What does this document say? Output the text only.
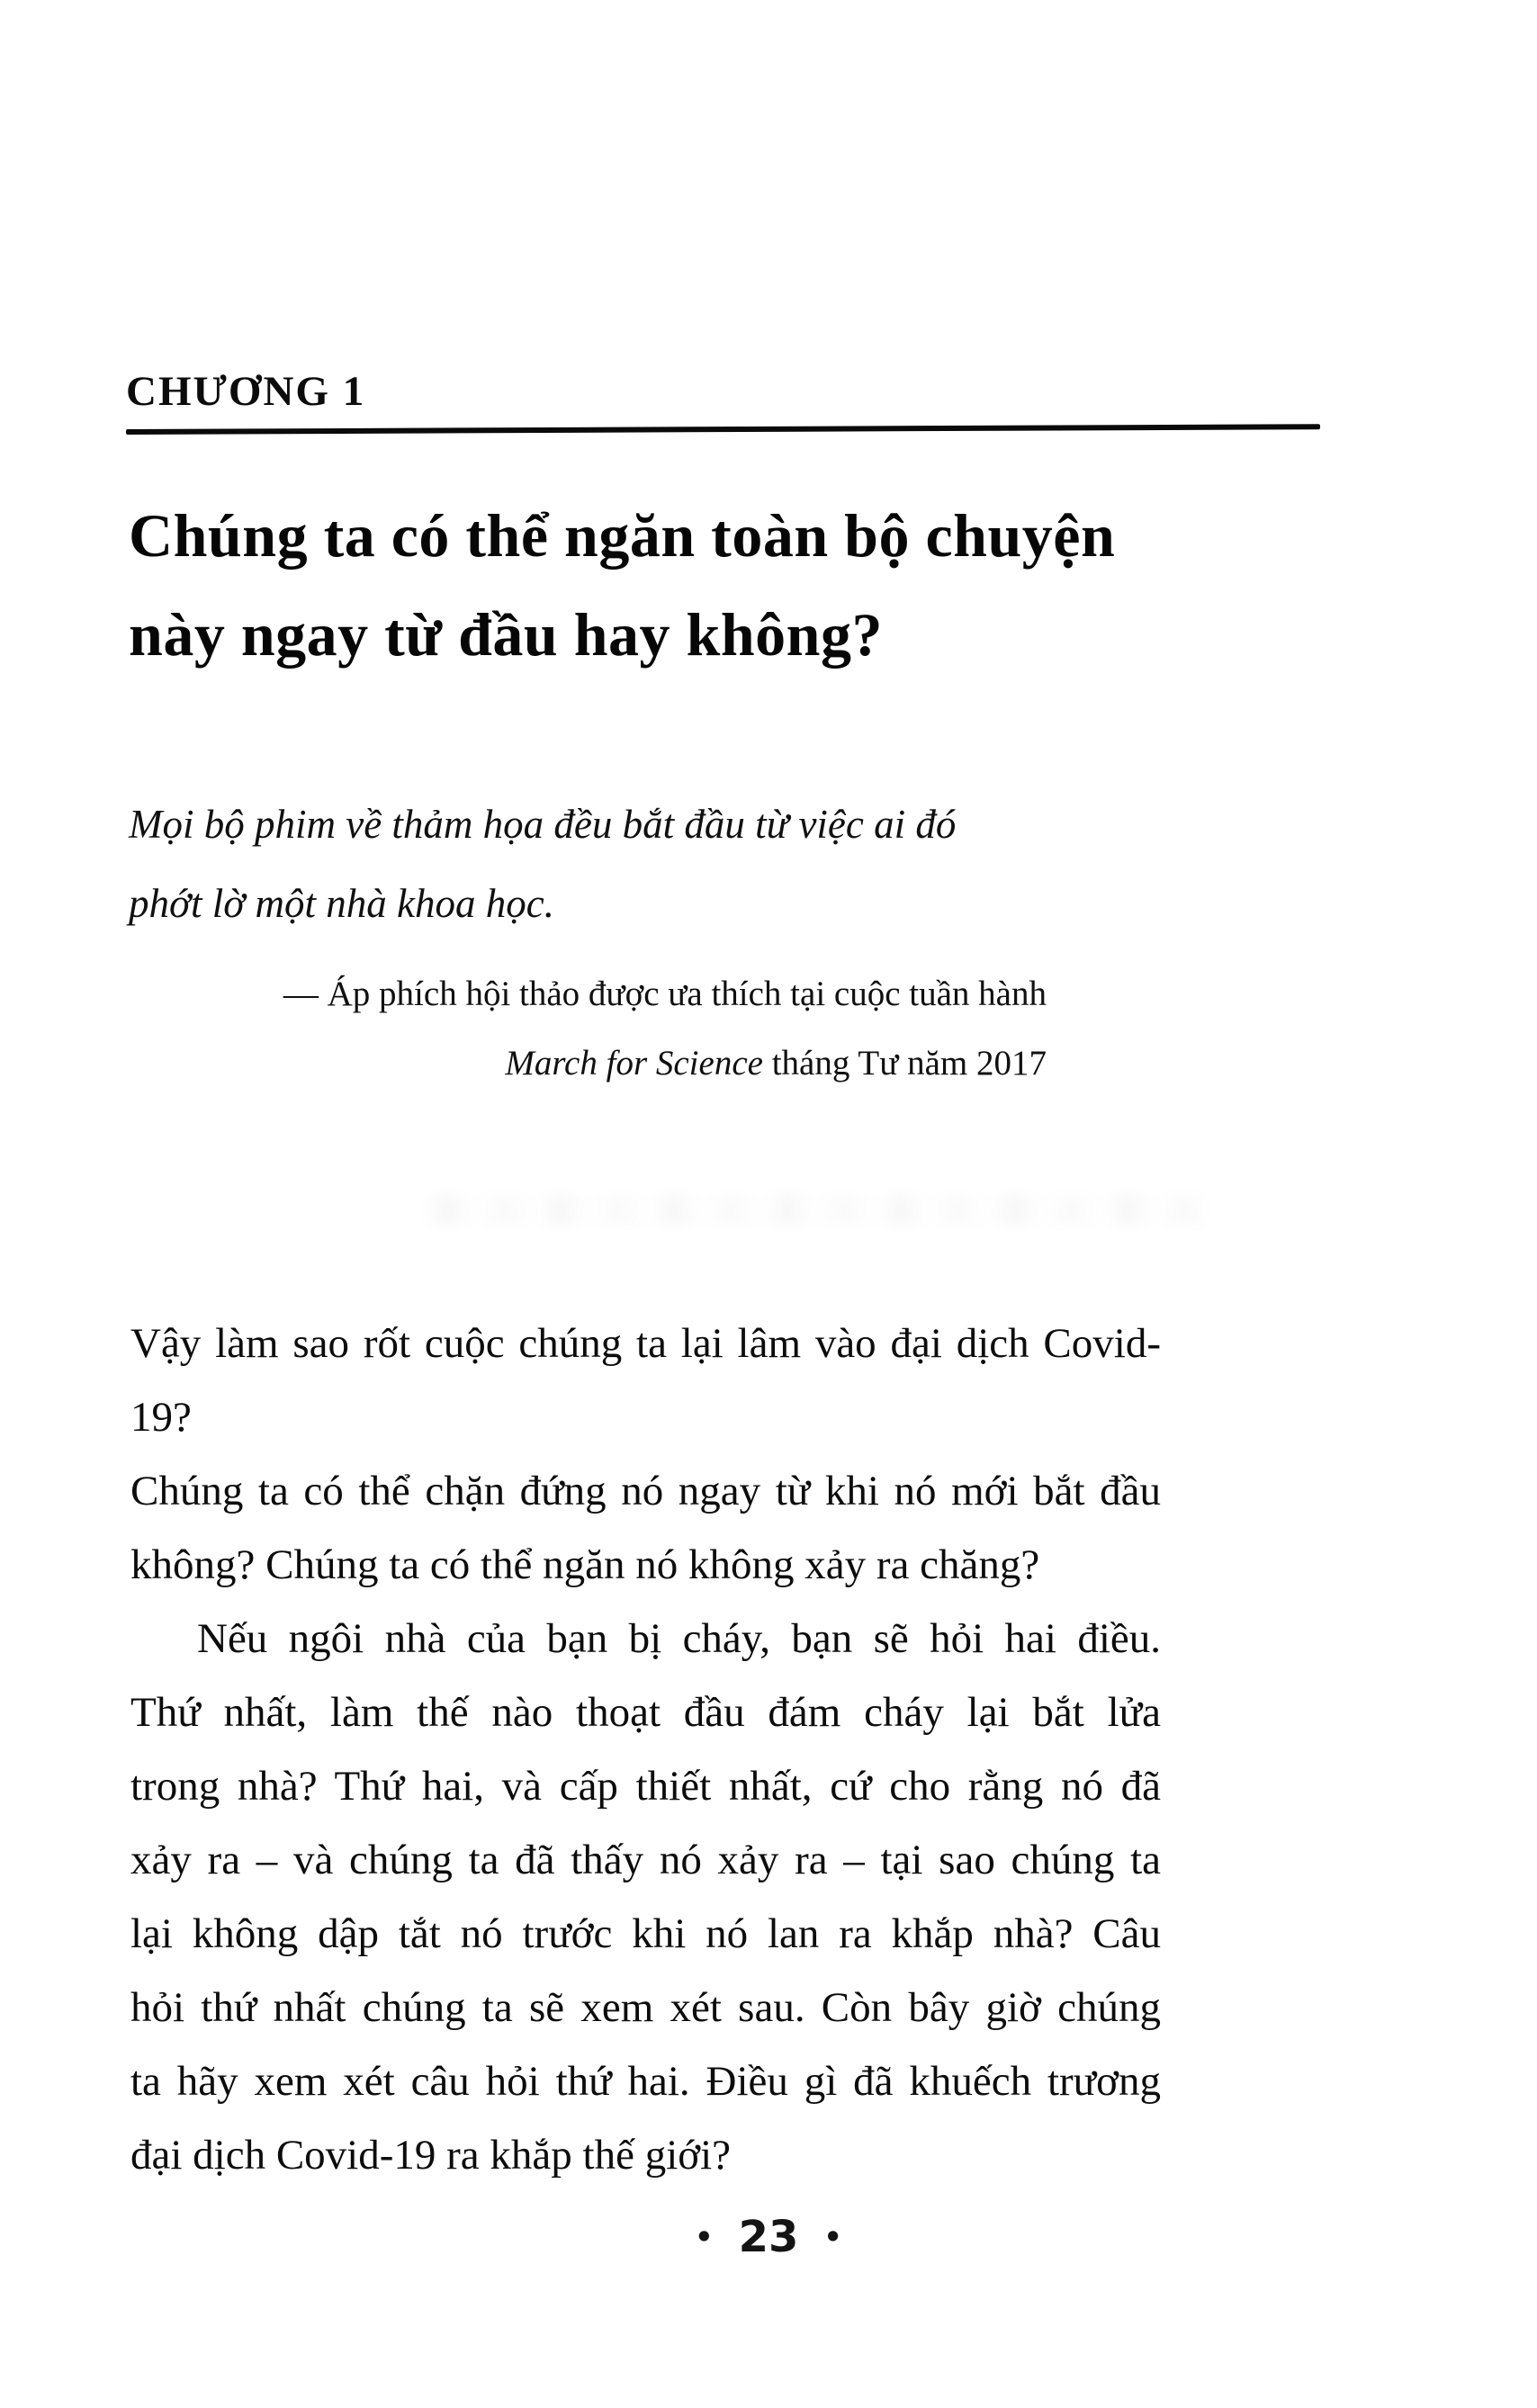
CHƯƠNG 1
Chúng ta có thể ngăn toàn bộ chuyện
này ngay từ đầu hay không?
Mọi bộ phim về thảm họa đều bắt đầu từ việc ai đó
phớt lờ một nhà khoa học.
— Áp phích hội thảo được ưa thích tại cuộc tuần hành
March for Science tháng Tư năm 2017
Vậy làm sao rốt cuộc chúng ta lại lâm vào đại dịch Covid-19?
Chúng ta có thể chặn đứng nó ngay từ khi nó mới bắt đầu
không? Chúng ta có thể ngăn nó không xảy ra chăng?
Nếu ngôi nhà của bạn bị cháy, bạn sẽ hỏi hai điều.
Thứ nhất, làm thế nào thoạt đầu đám cháy lại bắt lửa
trong nhà? Thứ hai, và cấp thiết nhất, cứ cho rằng nó đã
xảy ra – và chúng ta đã thấy nó xảy ra – tại sao chúng ta
lại không dập tắt nó trước khi nó lan ra khắp nhà? Câu
hỏi thứ nhất chúng ta sẽ xem xét sau. Còn bây giờ chúng
ta hãy xem xét câu hỏi thứ hai. Điều gì đã khuếch trương
đại dịch Covid-19 ra khắp thế giới?
• 23 •
